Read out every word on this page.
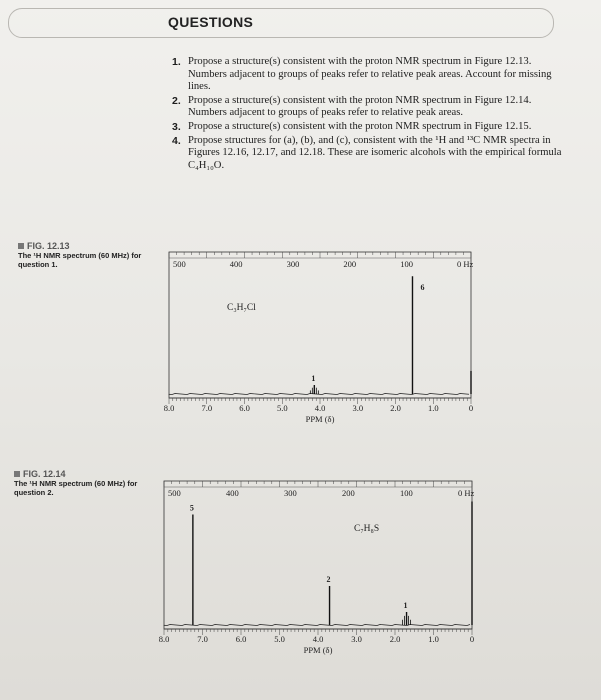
QUESTIONS
1. Propose a structure(s) consistent with the proton NMR spectrum in Figure 12.13. Numbers adjacent to groups of peaks refer to relative peak areas. Account for missing lines.
2. Propose a structure(s) consistent with the proton NMR spectrum in Figure 12.14. Numbers adjacent to groups of peaks refer to relative peak areas.
3. Propose a structure(s) consistent with the proton NMR spectrum in Figure 12.15.
4. Propose structures for (a), (b), and (c), consistent with the ¹H and ¹³C NMR spectra in Figures 12.16, 12.17, and 12.18. These are isomeric alcohols with the empirical formula C₄H₁₀O.
FIG. 12.13
The ¹H NMR spectrum (60 MHz) for question 1.
FIG. 12.14
The ¹H NMR spectrum (60 MHz) for question 2.
500	400	300	200	100	0 Hz
8.0	7.0	6.0	5.0	4.0	3.0	2.0	1.0	0
PPM (δ)
C₃H₇Cl
1
6
500	400	300	200	100	0 Hz
8.0	7.0	6.0	5.0	4.0	3.0	2.0	1.0	0
PPM (δ)
C₇H₈S
5
2
1
